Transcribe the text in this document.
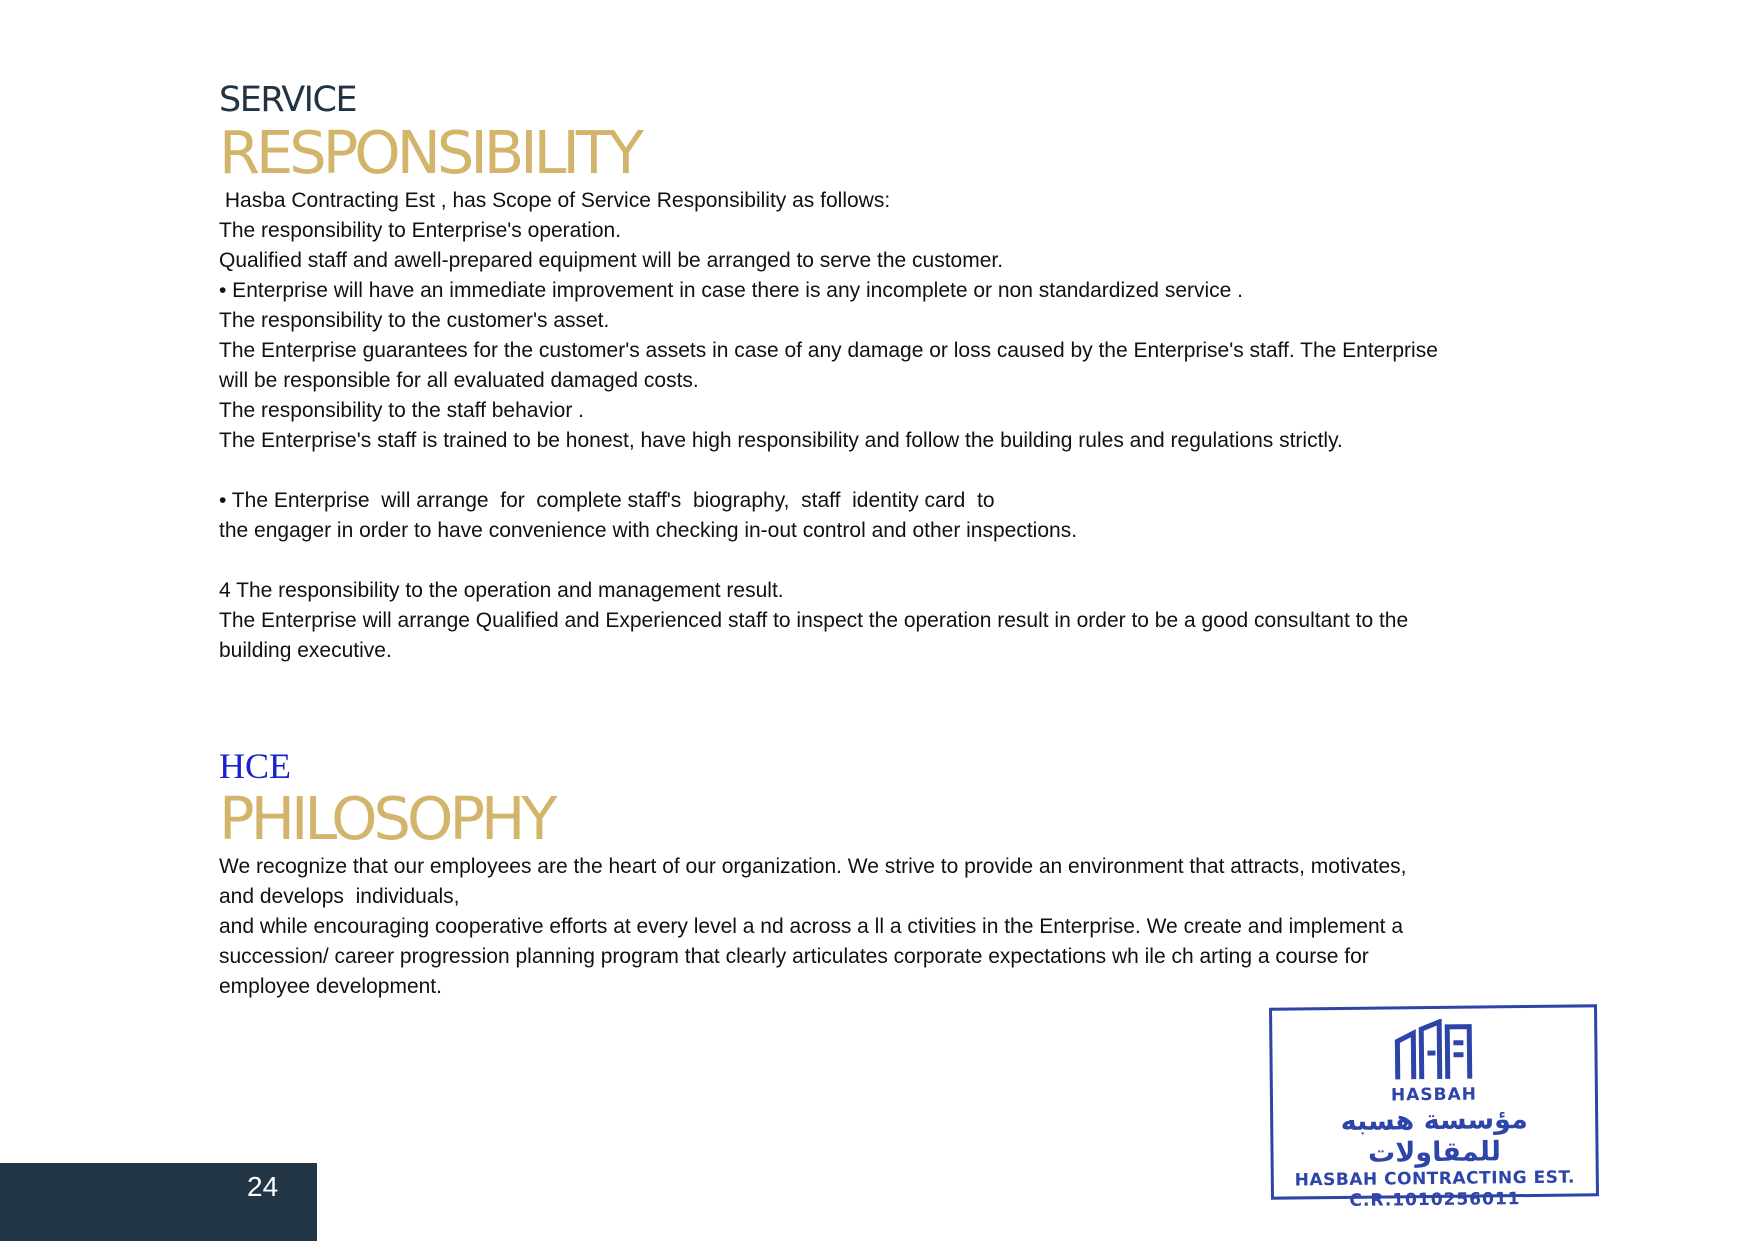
SERVICE

RESPONSIBILITY

Hasba Contracting Est , has Scope of Service Responsibility as follows:

The responsibility to Enterprise's operation.

Qualified staff and awell-prepared equipment will be arranged to serve the customer.

• Enterprise will have an immediate improvement in case there is any incomplete or non standardized service .

The responsibility to the customer's asset.

The Enterprise guarantees for the customer's assets in case of any damage or loss caused by the Enterprise's staff. The Enterprise

will be responsible for all evaluated damaged costs.

The responsibility to the staff behavior .

The Enterprise's staff is trained to be honest, have high responsibility and follow the building rules and regulations strictly.

• The Enterprise  will arrange  for  complete staff's  biography,  staff  identity card  to

the engager in order to have convenience with checking in-out control and other inspections.

4 The responsibility to the operation and management result.

The Enterprise will arrange Qualified and Experienced staff to inspect the operation result in order to be a good consultant to the

building executive.

HCE

PHILOSOPHY

We recognize that our employees are the heart of our organization. We strive to provide an environment that attracts, motivates,

and develops  individuals,

and while encouraging cooperative efforts at every level a nd across a ll a ctivities in the Enterprise. We create and implement a

succession/ career progression planning program that clearly articulates corporate expectations wh ile ch arting a course for

employee development.

HASBAH
مؤسسة هسبه للمقاولات
HASBAH CONTRACTING EST.
C.R.1010256011
24
